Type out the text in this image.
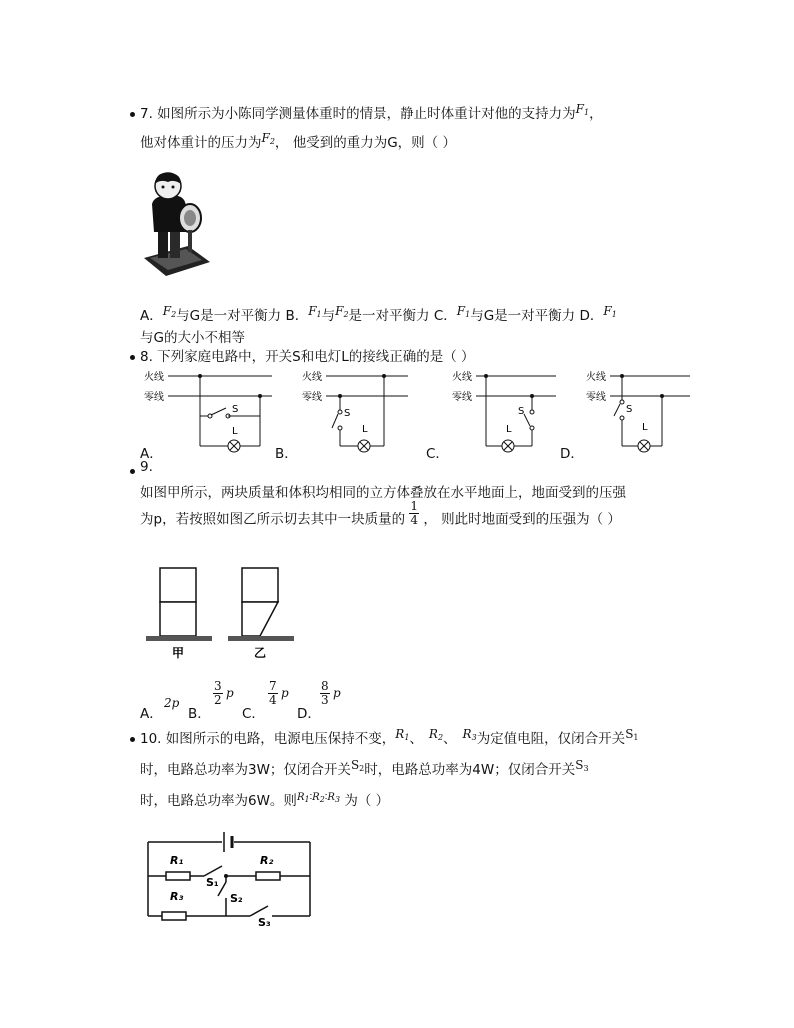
7. 如图所示为小陈同学测量体重时的情景，静止时体重计对他的支持力为F1，
他对体重计的压力为F2， 他受到的重力为G，则（ ）
A．F2与G是一对平衡力 B．F1与F2是一对平衡力 C．F1与G是一对平衡力 D．F1
与G的大小不相等
8. 下列家庭电路中，开关S和电灯L的接线正确的是（ ）
火线
零线
S
L
A．
火线
零线
S
L
B．
火线
零线
L
S
C．
火线
零线
S
L
D．
9.
如图甲所示，两块质量和体积均相同的立方体叠放在水平地面上，地面受到的压强
为p，若按照如图乙所示切去其中一块质量的 $\frac{1}{4}$ ， 则此时地面受到的压强为（ ）
甲	乙
A．
2p
B．
$\frac{3}{2}$ p
C．
$\frac{7}{4}$ p
D．
$\frac{8}{3}$ p
10. 如图所示的电路，电源电压保持不变，R1、 R2、 R3为定值电阻，仅闭合开关S1
时，电路总功率为3W；仅闭合开关S2时，电路总功率为4W；仅闭合开关S3
时，电路总功率为6W。则$^{R_1∶R_2∶R_3}$ 为（ ）
R₁	R₂
R₃
S₁
S₂
S₃
